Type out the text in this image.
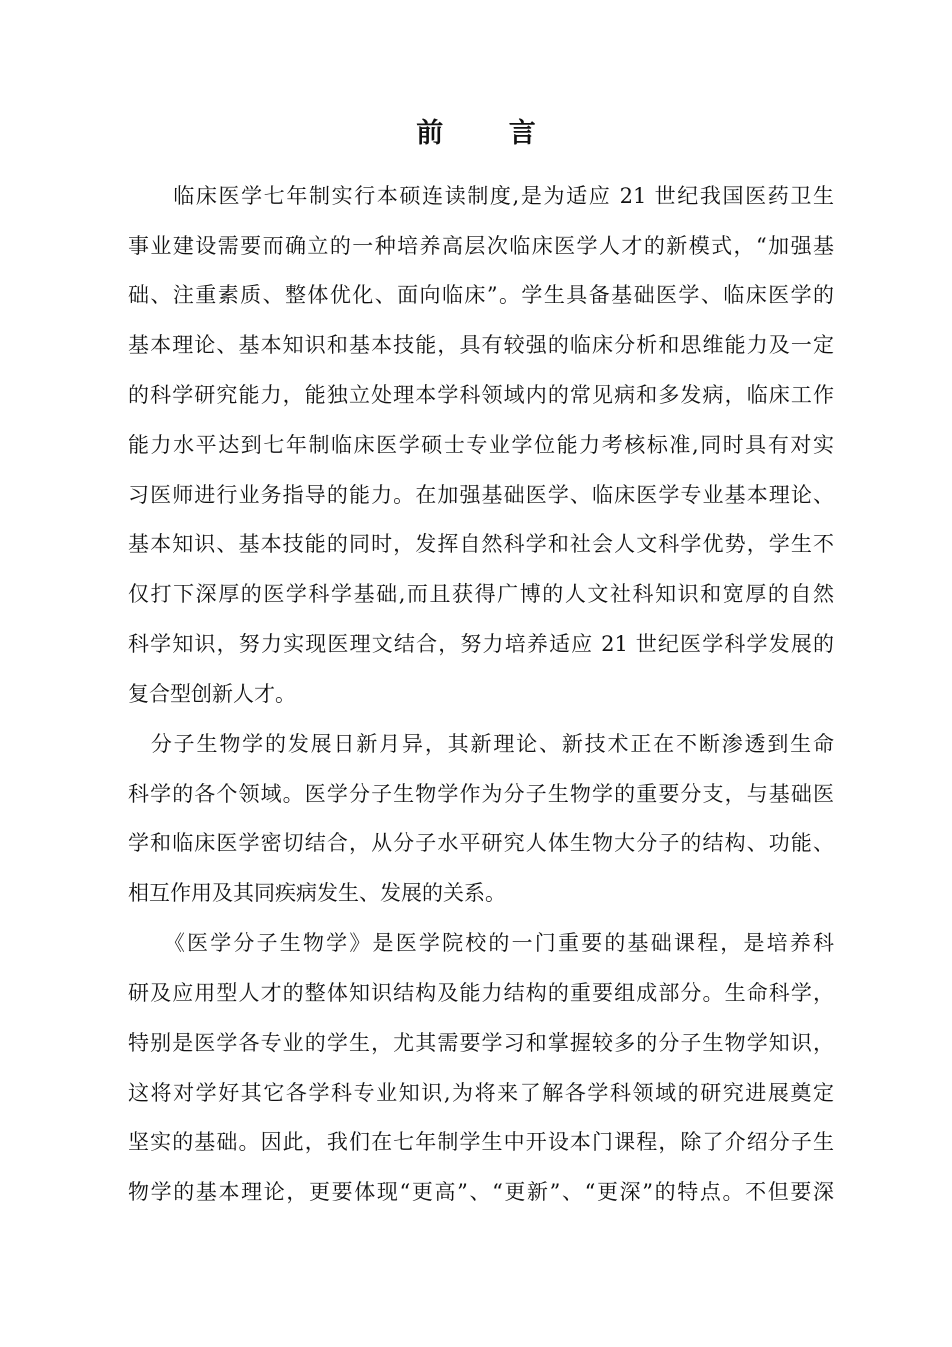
前 言
　　临床医学七年制实行本硕连读制度,是为适应 21 世纪我国医药卫生
事业建设需要而确立的一种培养高层次临床医学人才的新模式，“加强基
础、注重素质、整体优化、面向临床”。学生具备基础医学、临床医学的
基本理论、基本知识和基本技能，具有较强的临床分析和思维能力及一定
的科学研究能力，能独立处理本学科领域内的常见病和多发病，临床工作
能力水平达到七年制临床医学硕士专业学位能力考核标准,同时具有对实
习医师进行业务指导的能力。在加强基础医学、临床医学专业基本理论、
基本知识、基本技能的同时，发挥自然科学和社会人文科学优势，学生不
仅打下深厚的医学科学基础,而且获得广博的人文社科知识和宽厚的自然
科学知识，努力实现医理文结合，努力培养适应 21 世纪医学科学发展的
复合型创新人才。
　分子生物学的发展日新月异，其新理论、新技术正在不断渗透到生命
科学的各个领域。医学分子生物学作为分子生物学的重要分支，与基础医
学和临床医学密切结合，从分子水平研究人体生物大分子的结构、功能、
相互作用及其同疾病发生、发展的关系。
　　《医学分子生物学》是医学院校的一门重要的基础课程，是培养科
研及应用型人才的整体知识结构及能力结构的重要组成部分。生命科学，
特别是医学各专业的学生，尤其需要学习和掌握较多的分子生物学知识，
这将对学好其它各学科专业知识,为将来了解各学科领域的研究进展奠定
坚实的基础。因此，我们在七年制学生中开设本门课程，除了介绍分子生
物学的基本理论，更要体现“更高”、“更新”、“更深”的特点。不但要深
